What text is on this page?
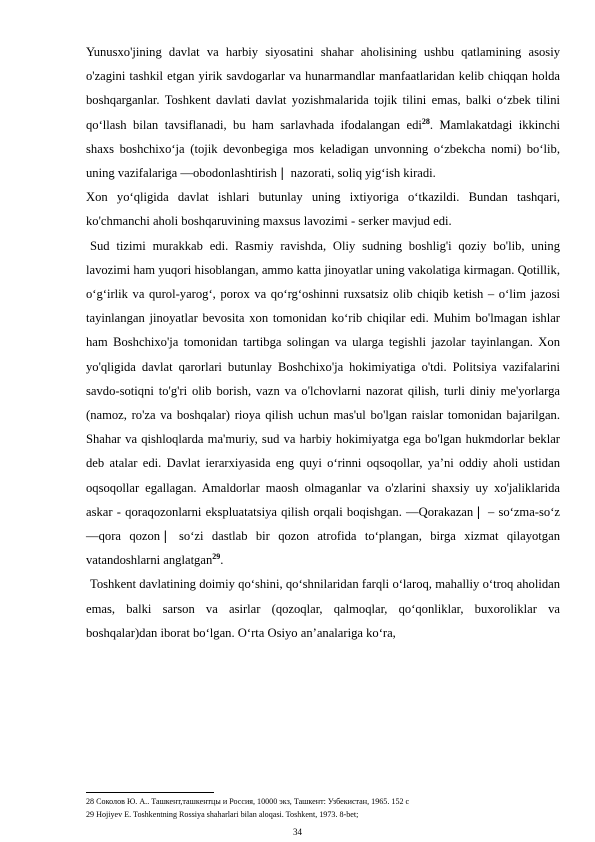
Yunusxo'jining davlat va harbiy siyosatini shahar aholisining ushbu qatlamining asosiy o'zagini tashkil etgan yirik savdogarlar va hunarmandlar manfaatlaridan kelib chiqqan holda boshqarganlar. Toshkent davlati davlat yozishmalarida tojik tilini emas, balki oʻzbek tilini qoʻllash bilan tavsiflanadi, bu ham sarlavhada ifodalangan edi$^{28}$. Mamlakatdagi ikkinchi shaxs boshchixoʻja (tojik devonbegiga mos keladigan unvonning oʻzbekcha nomi) boʻlib, uning vazifalariga —obodonlashtirish❘ nazorati, soliq yigʻish kiradi.

Xon yoʻqligida davlat ishlari butunlay uning ixtiyoriga oʻtkazildi. Bundan tashqari, ko'chmanchi aholi boshqaruvining maxsus lavozimi - serker mavjud edi.

Sud tizimi murakkab edi. Rasmiy ravishda, Oliy sudning boshlig'i qoziy bo'lib, uning lavozimi ham yuqori hisoblangan, ammo katta jinoyatlar uning vakolatiga kirmagan. Qotillik, oʻgʻirlik va qurol-yarogʻ, porox va qoʻrgʻoshinni ruxsatsiz olib chiqib ketish – oʻlim jazosi tayinlangan jinoyatlar bevosita xon tomonidan koʻrib chiqilar edi. Muhim bo'lmagan ishlar ham Boshchixo'ja tomonidan tartibga solingan va ularga tegishli jazolar tayinlangan. Xon yo'qligida davlat qarorlari butunlay Boshchixo'ja hokimiyatiga o'tdi. Politsiya vazifalarini savdo-sotiqni to'g'ri olib borish, vazn va o'lchovlarni nazorat qilish, turli diniy me'yorlarga (namoz, ro'za va boshqalar) rioya qilish uchun mas'ul bo'lgan raislar tomonidan bajarilgan. Shahar va qishloqlarda ma'muriy, sud va harbiy hokimiyatga ega bo'lgan hukmdorlar beklar deb atalar edi. Davlat ierarxiyasida eng quyi oʻrinni oqsoqollar, yaʼni oddiy aholi ustidan oqsoqollar egallagan. Amaldorlar maosh olmaganlar va o'zlarini shaxsiy uy xo'jaliklarida askar - qoraqozonlarni ekspluatatsiya qilish orqali boqishgan. —Qorakazan❘ – soʻzma-soʻz —qora qozon❘ soʻzi dastlab bir qozon atrofida toʻplangan, birga xizmat qilayotgan vatandoshlarni anglatgan$^{29}$.

Toshkent davlatining doimiy qoʻshini, qoʻshnilaridan farqli oʻlaroq, mahalliy oʻtroq aholidan emas, balki sarson va asirlar (qozoqlar, qalmoqlar, qoʻqonliklar, buxoroliklar va boshqalar)dan iborat boʻlgan. Oʻrta Osiyo anʼanalariga koʻra,

28 Соколов Ю. А.. Ташкент,ташкентцы и Россия, 10000 экз, Ташкент: Узбекистан, 1965. 152 с

29 Hojiyev E. Toshkentning Rossiya shaharlari bilan aloqasi. Toshkent, 1973. 8-bet;

34
